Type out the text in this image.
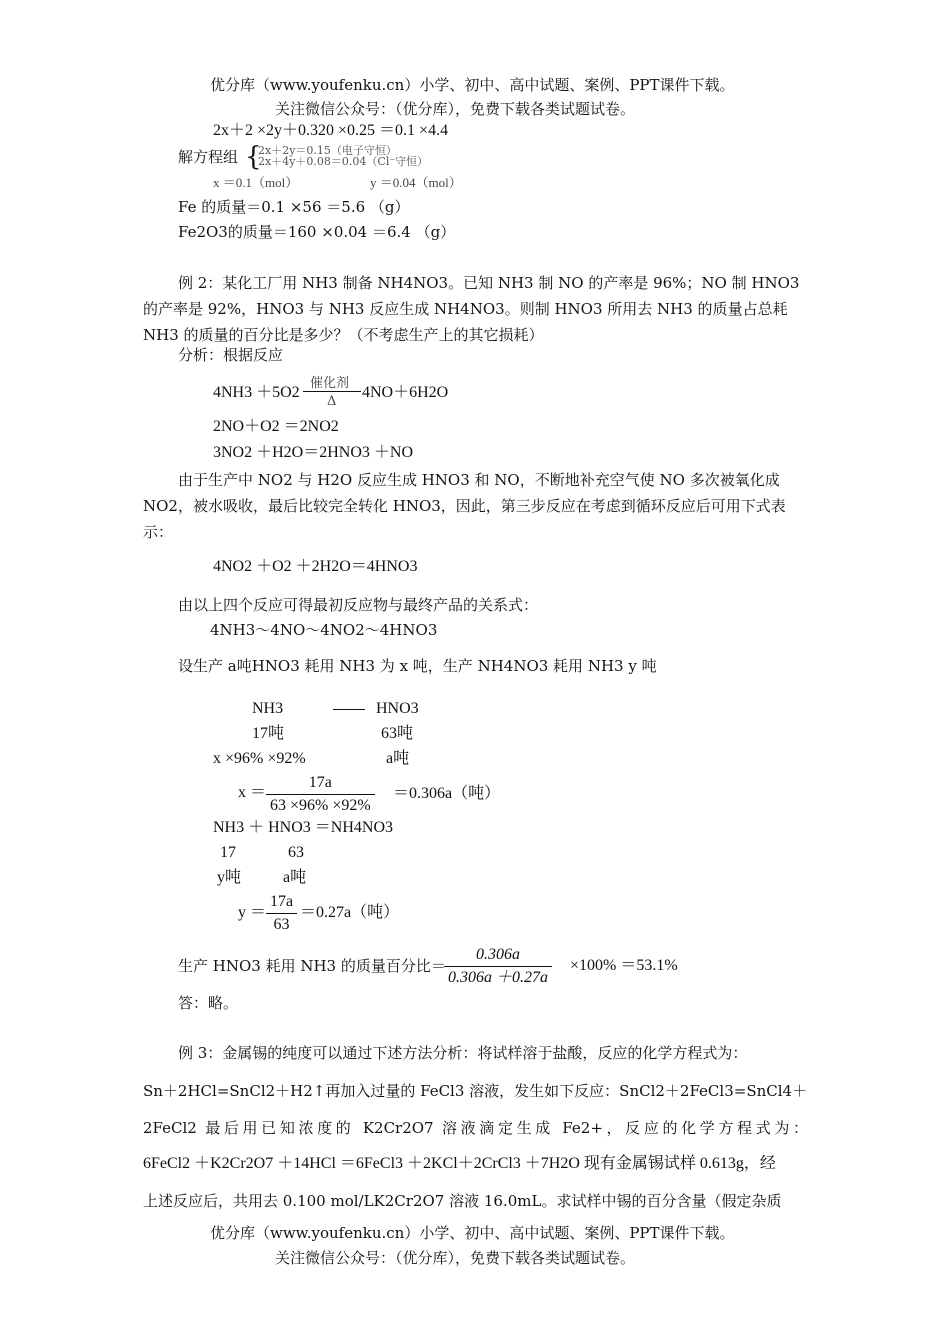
优分库（www.youfenku.cn）小学、初中、高中试题、案例、PPT课件下载。
关注微信公众号：（优分库），免费下载各类试题试卷。
2x＋2 ×2y＋0.320 ×0.25 ＝0.1 ×4.4
解方程组 {
2x＋2y＝0.15（电子守恒）
2x＋4y＋0.08＝0.04（Cl⁻守恒）
x ＝0.1（mol）	y ＝0.04（mol）
Fe 的质量＝0.1 ×56 ＝5.6 （g）
Fe2O3的质量＝160 ×0.04 ＝6.4 （g）
例 2：某化工厂用 NH3 制备 NH4NO3。已知 NH3 制 NO 的产率是 96%；NO 制 HNO3 的产率是 92%，HNO3 与 NH3 反应生成 NH4NO3。则制 HNO3 所用去 NH3 的质量占总耗 NH3 的质量的百分比是多少？（不考虑生产上的其它损耗）
分析：根据反应
4NH3 ＋5O2
催化剂
Δ
4NO＋6H2O
2NO＋O2 ＝2NO2
3NO2 ＋H2O＝2HNO3 ＋NO
由于生产中 NO2 与 H2O 反应生成 HNO3 和 NO，不断地补充空气使 NO 多次被氧化成 NO2，被水吸收，最后比较完全转化 HNO3，因此，第三步反应在考虑到循环反应后可用下式表示：
4NO2 ＋O2 ＋2H2O＝4HNO3
由以上四个反应可得最初反应物与最终产品的关系式：
4NH3～4NO～4NO2～4HNO3
设生产 a吨HNO3 耗用 NH3 为 x 吨，生产 NH4NO3 耗用 NH3 y 吨
NH3	HNO3
17吨	63吨
x ×96% ×92%	a吨
$x = \frac{17a}{63 \times 96\% \times 92\%} =0.306a$（吨）
NH3 ＋ HNO3 ＝NH4NO3
17	63
y吨	a吨
$y = \frac{17a}{63} =0.27a$（吨）
生产 HNO3 耗用 NH3 的质量百分比＝
$\frac{0.306a}{0.306a +0.27a} \times 100\% =53.1\%$
答：略。
例 3：金属锡的纯度可以通过下述方法分析：将试样溶于盐酸，反应的化学方程式为：
Sn＋2HCl=SnCl2＋H2↑再加入过量的 FeCl3 溶液，发生如下反应：SnCl2＋2FeCl3=SnCl4＋
2FeCl2 最后用已知浓度的 K2Cr2O7 溶液滴定生成 Fe2+，反应的化学方程式为：
6FeCl2 ＋K2Cr2O7 ＋14HCl ＝6FeCl3 ＋2KCl＋2CrCl3 ＋7H2O 现有金属锡试样 0.613g，经
上述反应后，共用去 0.100 mol/LK2Cr2O7 溶液 16.0mL。求试样中锡的百分含量（假定杂质
优分库（www.youfenku.cn）小学、初中、高中试题、案例、PPT课件下载。
关注微信公众号：（优分库），免费下载各类试题试卷。
